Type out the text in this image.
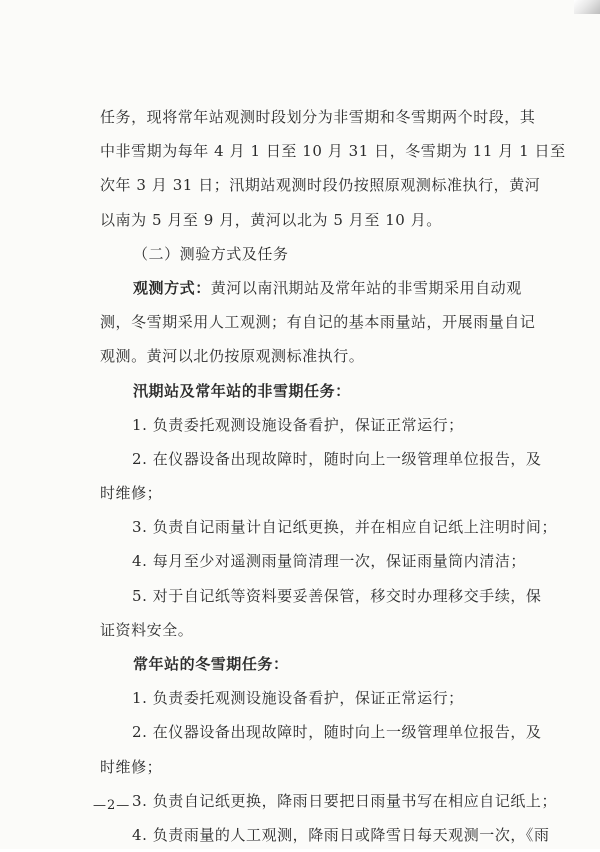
任务，现将常年站观测时段划分为非雪期和冬雪期两个时段，其
中非雪期为每年 4 月 1 日至 10 月 31 日，冬雪期为 11 月 1 日至
次年 3 月 31 日；汛期站观测时段仍按照原观测标准执行，黄河
以南为 5 月至 9 月，黄河以北为 5 月至 10 月。
（二）测验方式及任务
观测方式：黄河以南汛期站及常年站的非雪期采用自动观
测，冬雪期采用人工观测；有自记的基本雨量站，开展雨量自记
观测。黄河以北仍按原观测标准执行。
汛期站及常年站的非雪期任务：
1. 负责委托观测设施设备看护，保证正常运行；
2. 在仪器设备出现故障时，随时向上一级管理单位报告，及
时维修；
3. 负责自记雨量计自记纸更换，并在相应自记纸上注明时间；
4. 每月至少对遥测雨量筒清理一次，保证雨量筒内清洁；
5. 对于自记纸等资料要妥善保管，移交时办理移交手续，保
证资料安全。
常年站的冬雪期任务：
1. 负责委托观测设施设备看护，保证正常运行；
2. 在仪器设备出现故障时，随时向上一级管理单位报告，及
时维修；
3. 负责自记纸更换，降雨日要把日雨量书写在相应自记纸上；
4. 负责雨量的人工观测，降雨日或降雪日每天观测一次，《雨
—2—
